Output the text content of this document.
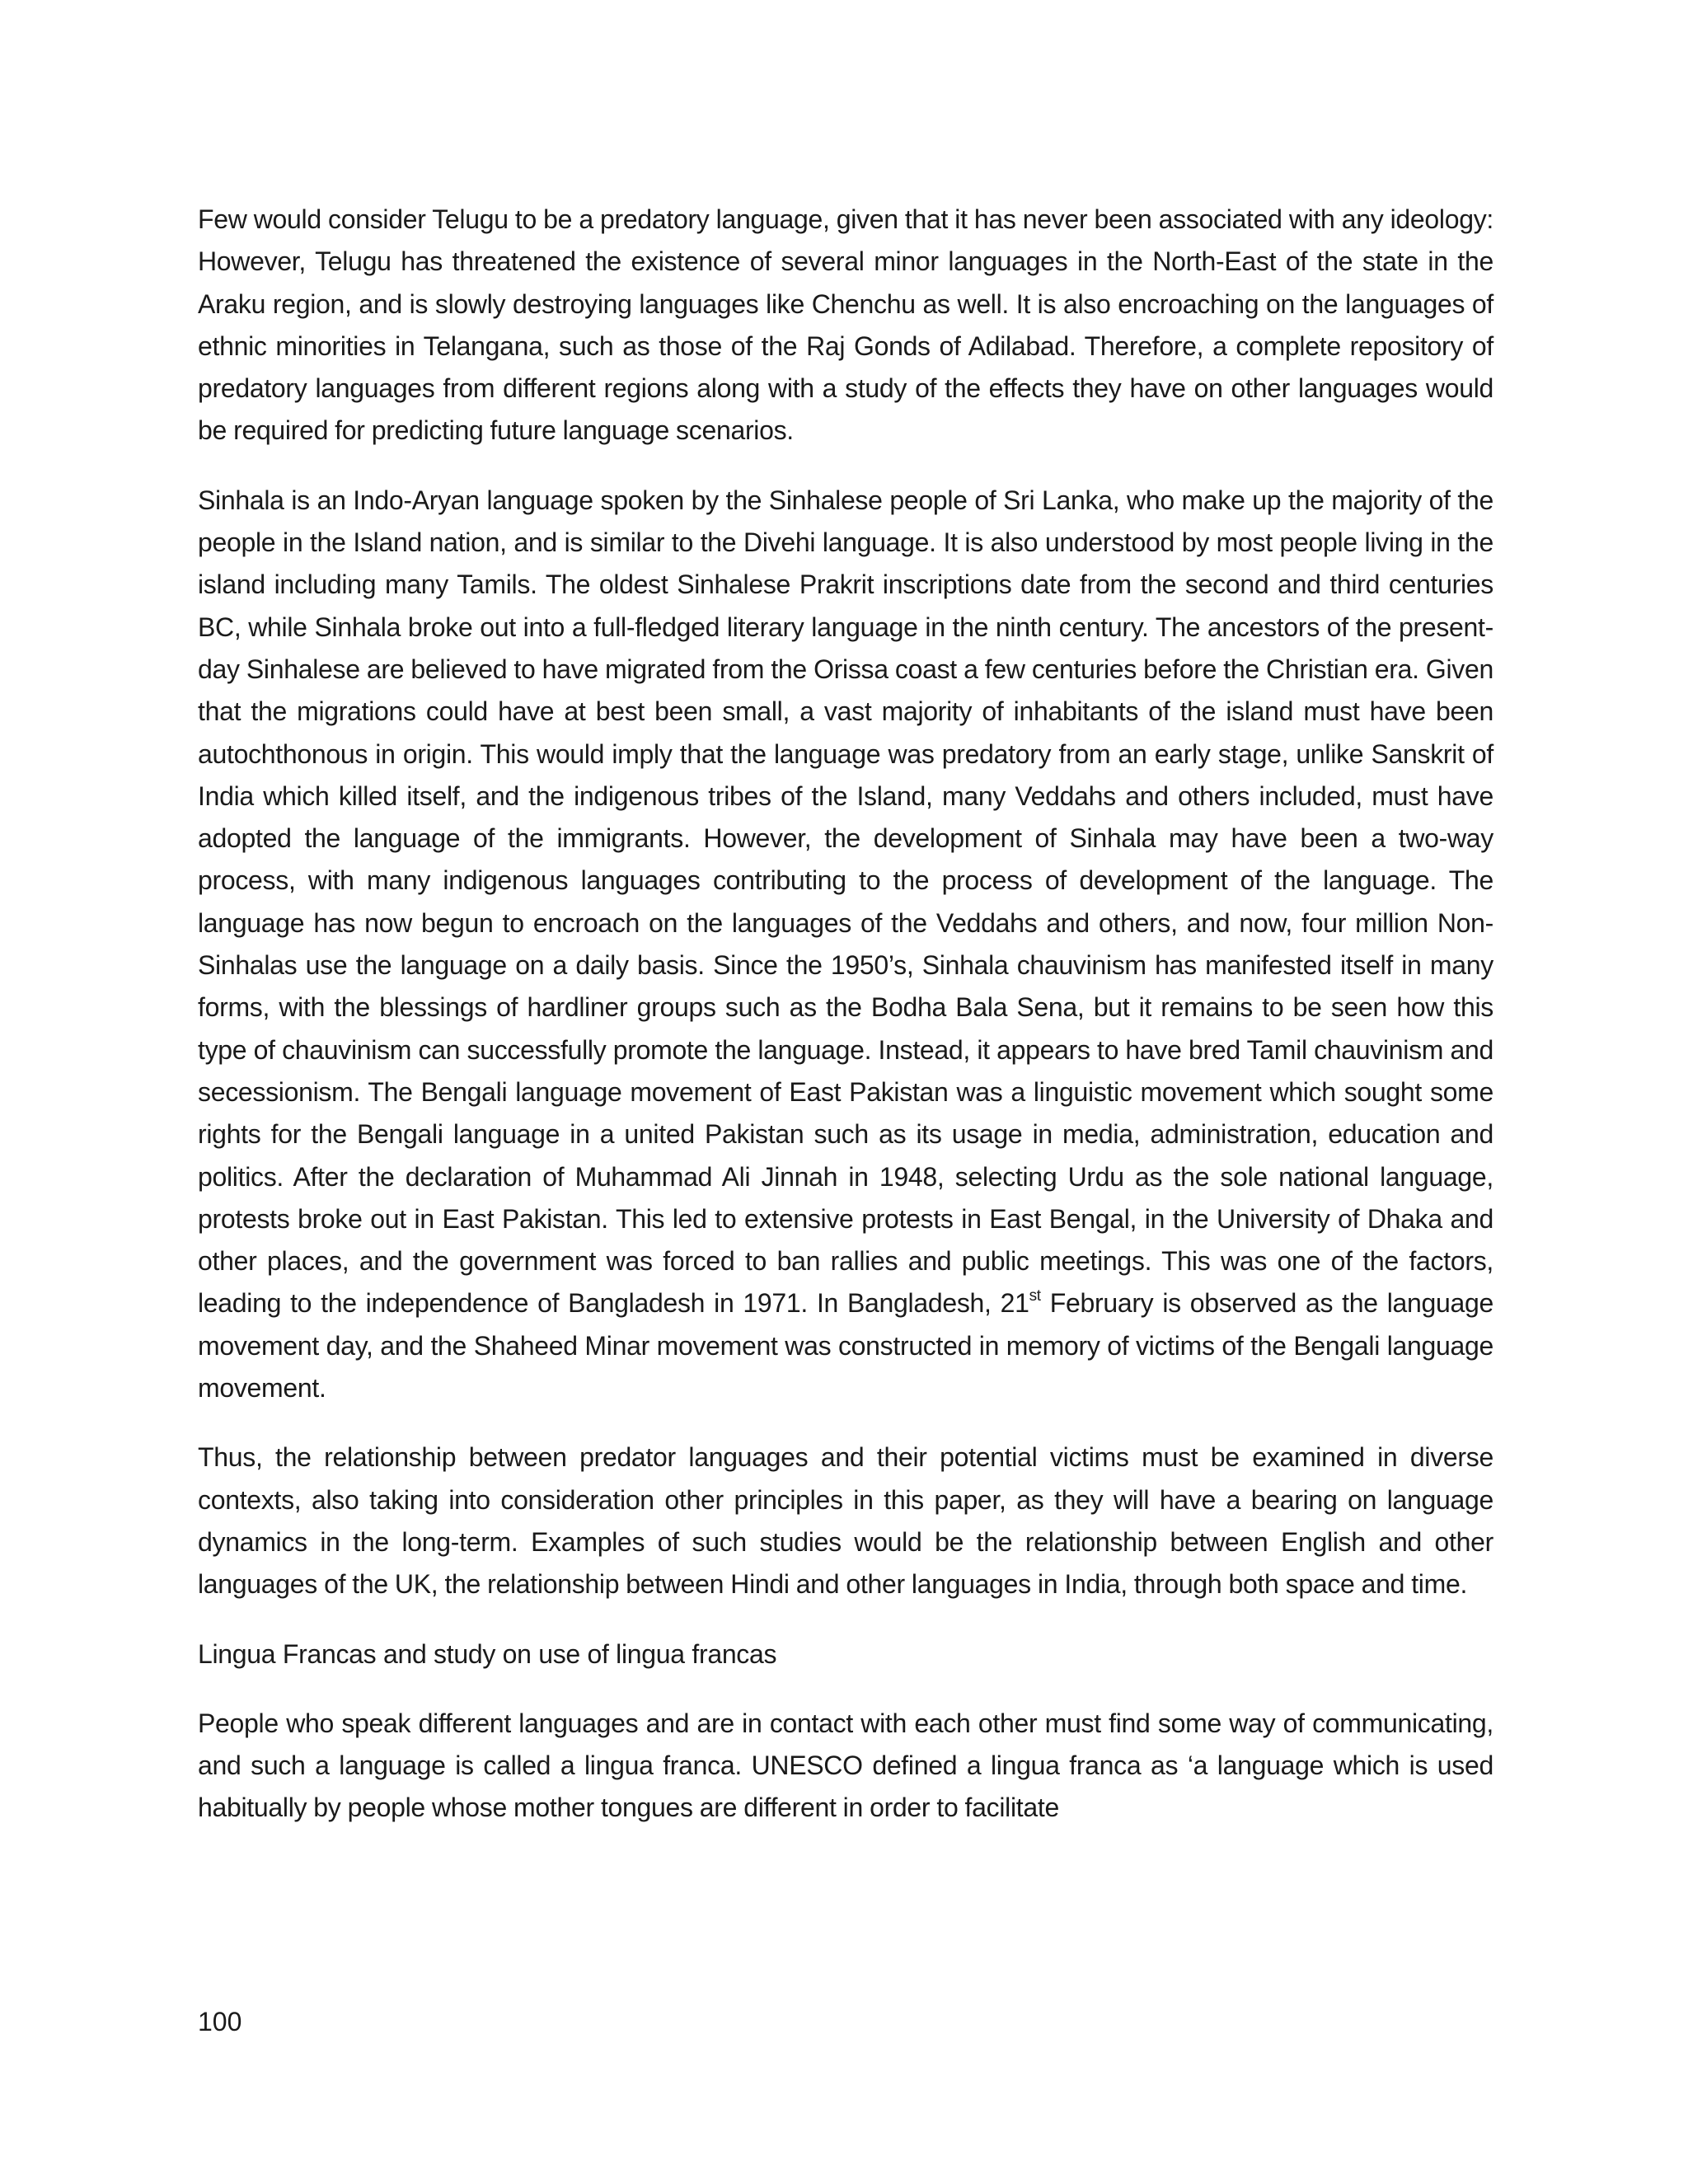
Few would consider Telugu to be a predatory language, given that it has never been associated with any ideology: However, Telugu has threatened the existence of several minor languages in the North-East of the state in the Araku region, and is slowly destroying languages like Chenchu as well. It is also encroaching on the languages of ethnic minorities in Telangana, such as those of the Raj Gonds of Adilabad. Therefore, a complete repository of predatory languages from different regions along with a study of the effects they have on other languages would be required for predicting future language scenarios.

Sinhala is an Indo-Aryan language spoken by the Sinhalese people of Sri Lanka, who make up the majority of the people in the Island nation, and is similar to the Divehi language. It is also understood by most people living in the island including many Tamils. The oldest Sinhalese Prakrit inscriptions date from the second and third centuries BC, while Sinhala broke out into a full-fledged literary language in the ninth century. The ancestors of the present-day Sinhalese are believed to have migrated from the Orissa coast a few centuries before the Christian era. Given that the migrations could have at best been small, a vast majority of inhabitants of the island must have been autochthonous in origin. This would imply that the language was predatory from an early stage, unlike Sanskrit of India which killed itself, and the indigenous tribes of the Island, many Veddahs and others included, must have adopted the language of the immigrants. However, the development of Sinhala may have been a two-way process, with many indigenous languages contributing to the process of development of the language. The language has now begun to encroach on the languages of the Veddahs and others, and now, four million Non-Sinhalas use the language on a daily basis. Since the 1950’s, Sinhala chauvinism has manifested itself in many forms, with the blessings of hardliner groups such as the Bodha Bala Sena, but it remains to be seen how this type of chauvinism can successfully promote the language. Instead, it appears to have bred Tamil chauvinism and secessionism. The Bengali language movement of East Pakistan was a linguistic movement which sought some rights for the Bengali language in a united Pakistan such as its usage in media, administration, education and politics. After the declaration of Muhammad Ali Jinnah in 1948, selecting Urdu as the sole national language, protests broke out in East Pakistan. This led to extensive protests in East Bengal, in the University of Dhaka and other places, and the government was forced to ban rallies and public meetings. This was one of the factors, leading to the independence of Bangladesh in 1971. In Bangladesh, 21st February is observed as the language movement day, and the Shaheed Minar movement was constructed in memory of victims of the Bengali language movement.

Thus, the relationship between predator languages and their potential victims must be examined in diverse contexts, also taking into consideration other principles in this paper, as they will have a bearing on language dynamics in the long-term. Examples of such studies would be the relationship between English and other languages of the UK, the relationship between Hindi and other languages in India, through both space and time.

Lingua Francas and study on use of lingua francas

People who speak different languages and are in contact with each other must find some way of communicating, and such a language is called a lingua franca. UNESCO defined a lingua franca as ‘a language which is used habitually by people whose mother tongues are different in order to facilitate

100
